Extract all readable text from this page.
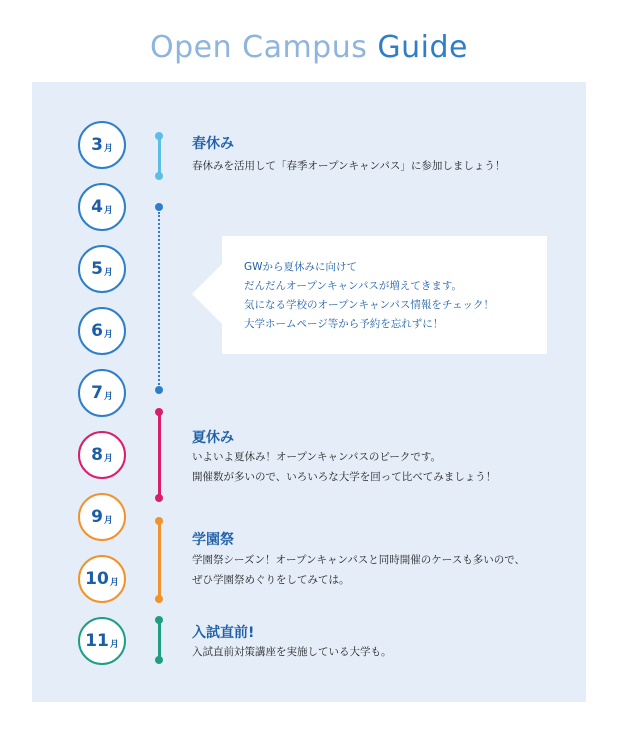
Open Campus Guide
3 月
4 月
5 月
6 月
7 月
8 月
9 月
10 月
11 月
春休み
春休みを活用して「春季オープンキャンパス」に参加しましょう！
GWから夏休みに向けて
だんだんオープンキャンパスが増えてきます。
気になる学校のオープンキャンパス情報をチェック！
大学ホームページ等から予約を忘れずに！
夏休み
いよいよ夏休み！オープンキャンパスのピークです。
開催数が多いので、いろいろな大学を回って比べてみましょう！
学園祭
学園祭シーズン！オープンキャンパスと同時開催のケースも多いので、
ぜひ学園祭めぐりをしてみては。
入試直前!
入試直前対策講座を実施している大学も。
